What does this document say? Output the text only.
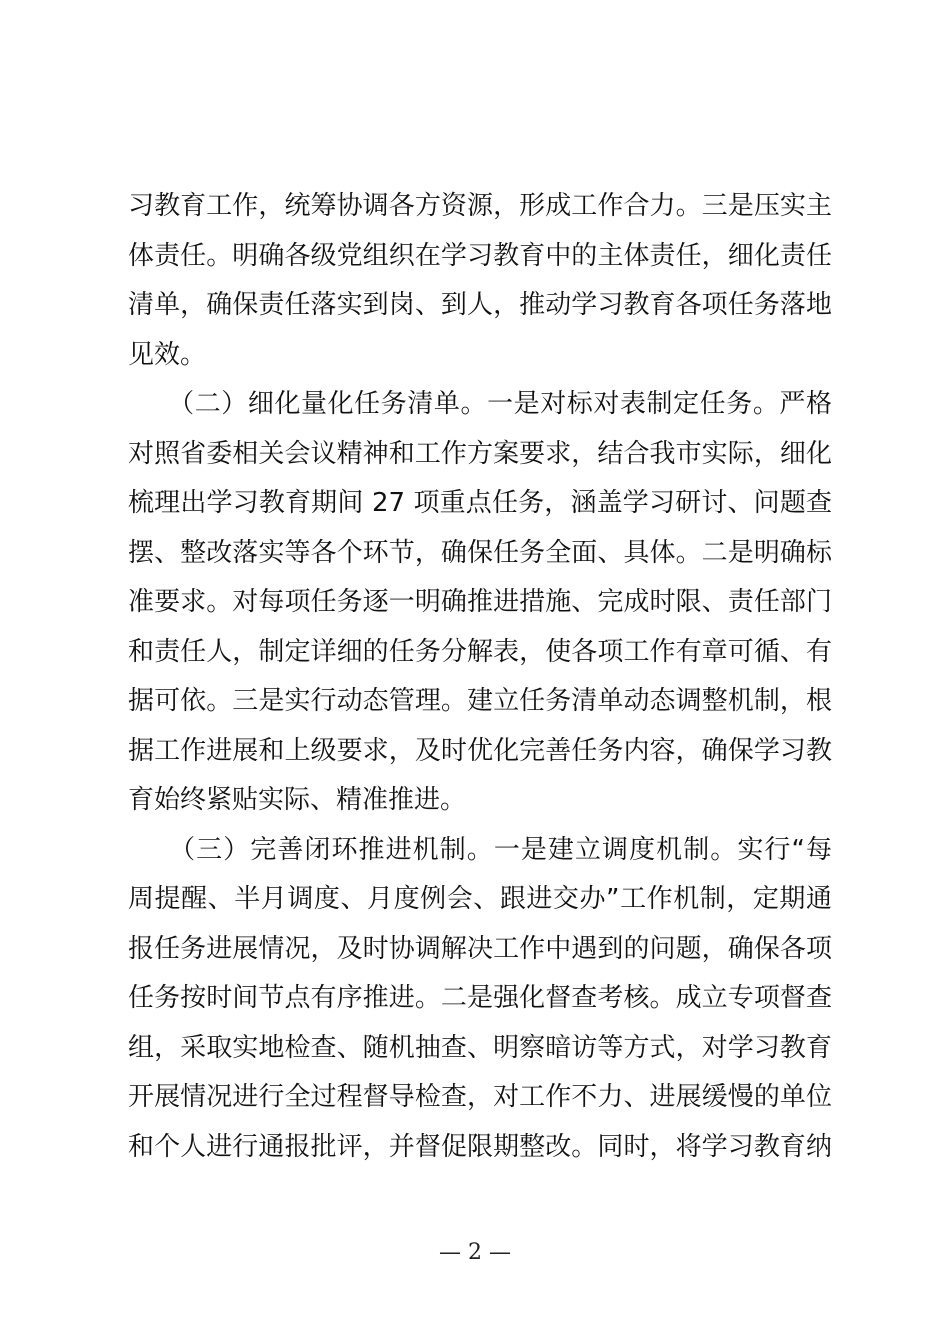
习教育工作，统筹协调各方资源，形成工作合力。三是压实主
体责任。明确各级党组织在学习教育中的主体责任，细化责任
清单，确保责任落实到岗、到人，推动学习教育各项任务落地
见效。
　　（二）细化量化任务清单。一是对标对表制定任务。严格
对照省委相关会议精神和工作方案要求，结合我市实际，细化
梳理出学习教育期间 27 项重点任务，涵盖学习研讨、问题查
摆、整改落实等各个环节，确保任务全面、具体。二是明确标
准要求。对每项任务逐一明确推进措施、完成时限、责任部门
和责任人，制定详细的任务分解表，使各项工作有章可循、有
据可依。三是实行动态管理。建立任务清单动态调整机制，根
据工作进展和上级要求，及时优化完善任务内容，确保学习教
育始终紧贴实际、精准推进。
　　（三）完善闭环推进机制。一是建立调度机制。实行“每
周提醒、半月调度、月度例会、跟进交办”工作机制，定期通
报任务进展情况，及时协调解决工作中遇到的问题，确保各项
任务按时间节点有序推进。二是强化督查考核。成立专项督查
组，采取实地检查、随机抽查、明察暗访等方式，对学习教育
开展情况进行全过程督导检查，对工作不力、进展缓慢的单位
和个人进行通报批评，并督促限期整改。同时，将学习教育纳
— 2 —
